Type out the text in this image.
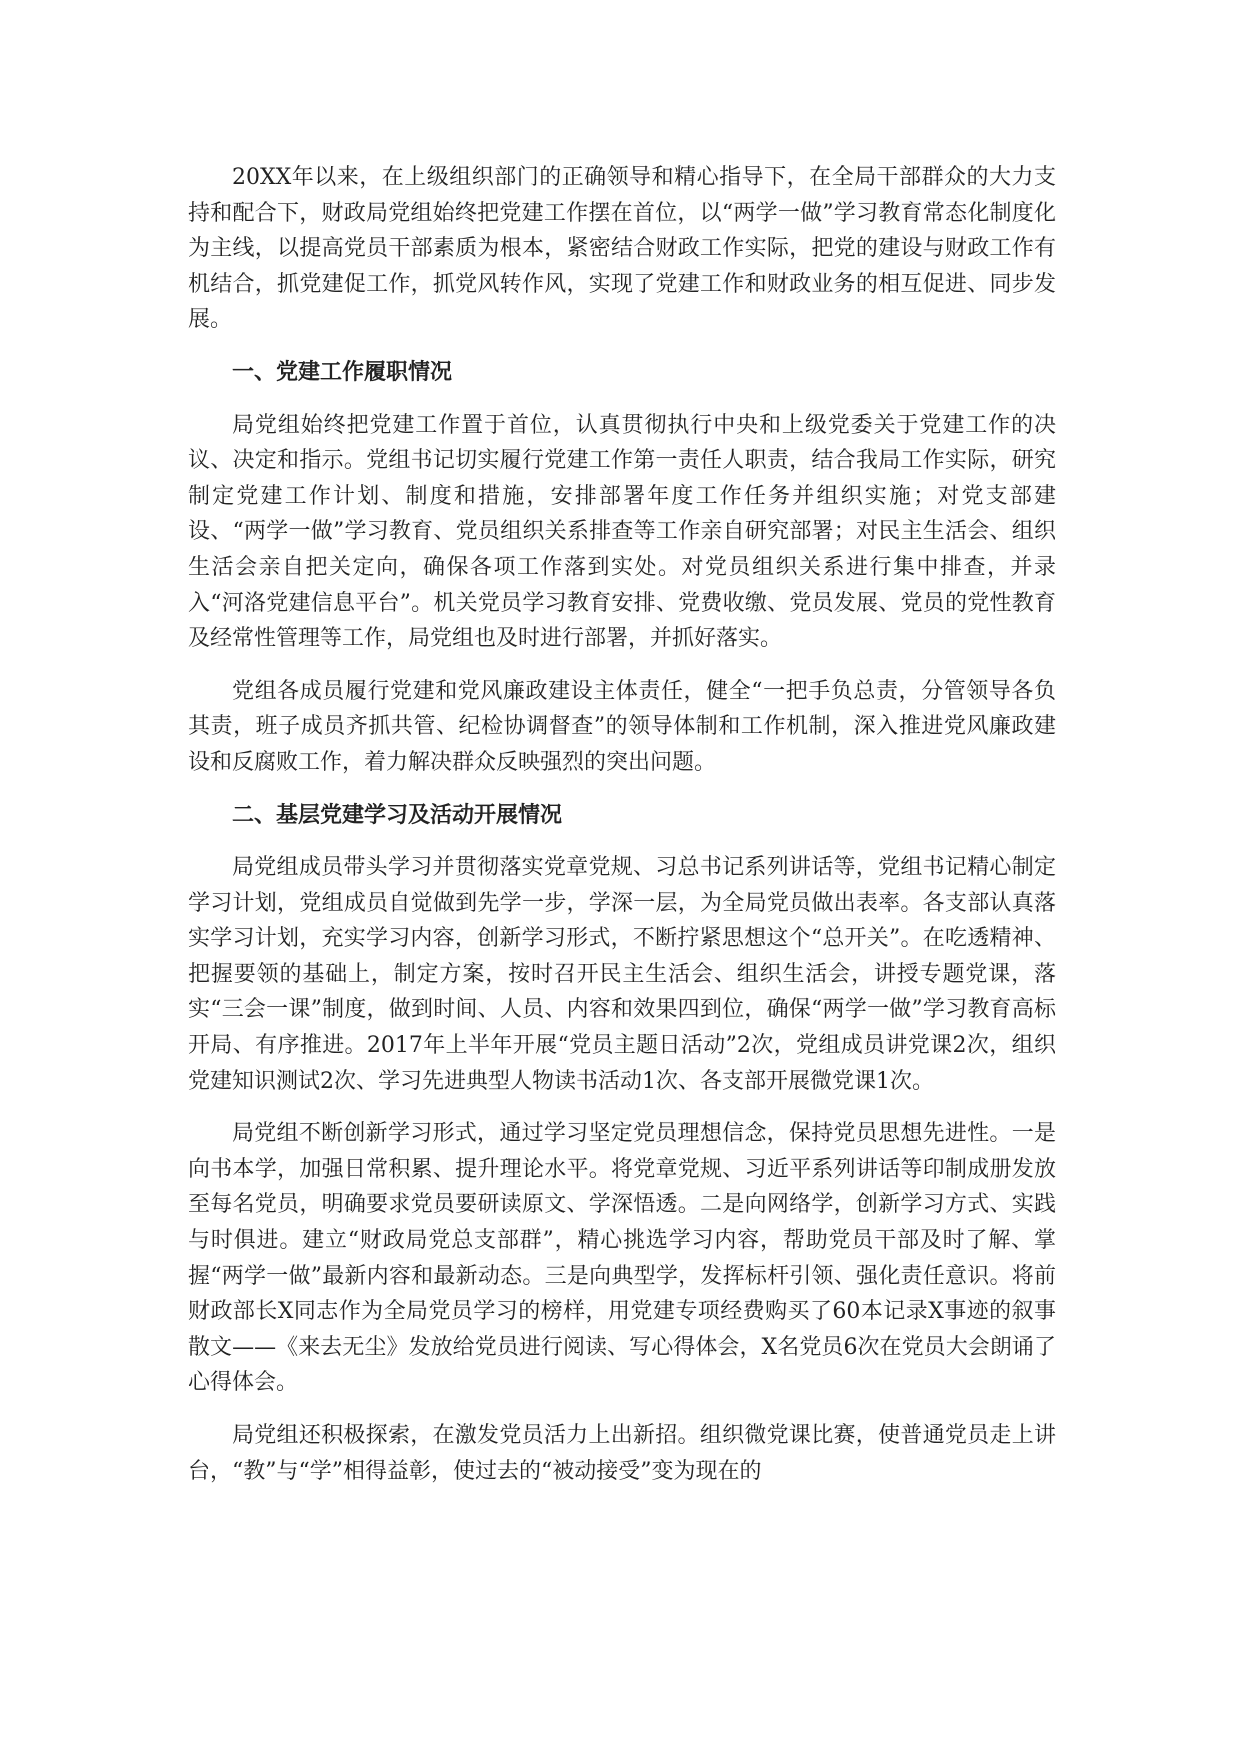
20XX年以来，在上级组织部门的正确领导和精心指导下，在全局干部群众的大力支持和配合下，财政局党组始终把党建工作摆在首位，以“两学一做”学习教育常态化制度化为主线，以提高党员干部素质为根本，紧密结合财政工作实际，把党的建设与财政工作有机结合，抓党建促工作，抓党风转作风，实现了党建工作和财政业务的相互促进、同步发展。

一、党建工作履职情况

局党组始终把党建工作置于首位，认真贯彻执行中央和上级党委关于党建工作的决议、决定和指示。党组书记切实履行党建工作第一责任人职责，结合我局工作实际，研究制定党建工作计划、制度和措施，安排部署年度工作任务并组织实施；对党支部建设、“两学一做”学习教育、党员组织关系排查等工作亲自研究部署；对民主生活会、组织生活会亲自把关定向，确保各项工作落到实处。对党员组织关系进行集中排查，并录入“河洛党建信息平台”。机关党员学习教育安排、党费收缴、党员发展、党员的党性教育及经常性管理等工作，局党组也及时进行部署，并抓好落实。

党组各成员履行党建和党风廉政建设主体责任，健全“一把手负总责，分管领导各负其责，班子成员齐抓共管、纪检协调督查”的领导体制和工作机制，深入推进党风廉政建设和反腐败工作，着力解决群众反映强烈的突出问题。

二、基层党建学习及活动开展情况

局党组成员带头学习并贯彻落实党章党规、习总书记系列讲话等，党组书记精心制定学习计划，党组成员自觉做到先学一步，学深一层，为全局党员做出表率。各支部认真落实学习计划，充实学习内容，创新学习形式，不断拧紧思想这个“总开关”。在吃透精神、把握要领的基础上，制定方案，按时召开民主生活会、组织生活会，讲授专题党课，落实“三会一课”制度，做到时间、人员、内容和效果四到位，确保“两学一做”学习教育高标开局、有序推进。2017年上半年开展“党员主题日活动”2次，党组成员讲党课2次，组织党建知识测试2次、学习先进典型人物读书活动1次、各支部开展微党课1次。

局党组不断创新学习形式，通过学习坚定党员理想信念，保持党员思想先进性。一是向书本学，加强日常积累、提升理论水平。将党章党规、习近平系列讲话等印制成册发放至每名党员，明确要求党员要研读原文、学深悟透。二是向网络学，创新学习方式、实践与时俱进。建立“财政局党总支部群”，精心挑选学习内容，帮助党员干部及时了解、掌握“两学一做”最新内容和最新动态。三是向典型学，发挥标杆引领、强化责任意识。将前财政部长X同志作为全局党员学习的榜样，用党建专项经费购买了60本记录X事迹的叙事散文——《来去无尘》发放给党员进行阅读、写心得体会，X名党员6次在党员大会朗诵了心得体会。

局党组还积极探索，在激发党员活力上出新招。组织微党课比赛，使普通党员走上讲台，“教”与“学”相得益彰，使过去的“被动接受”变为现在的
